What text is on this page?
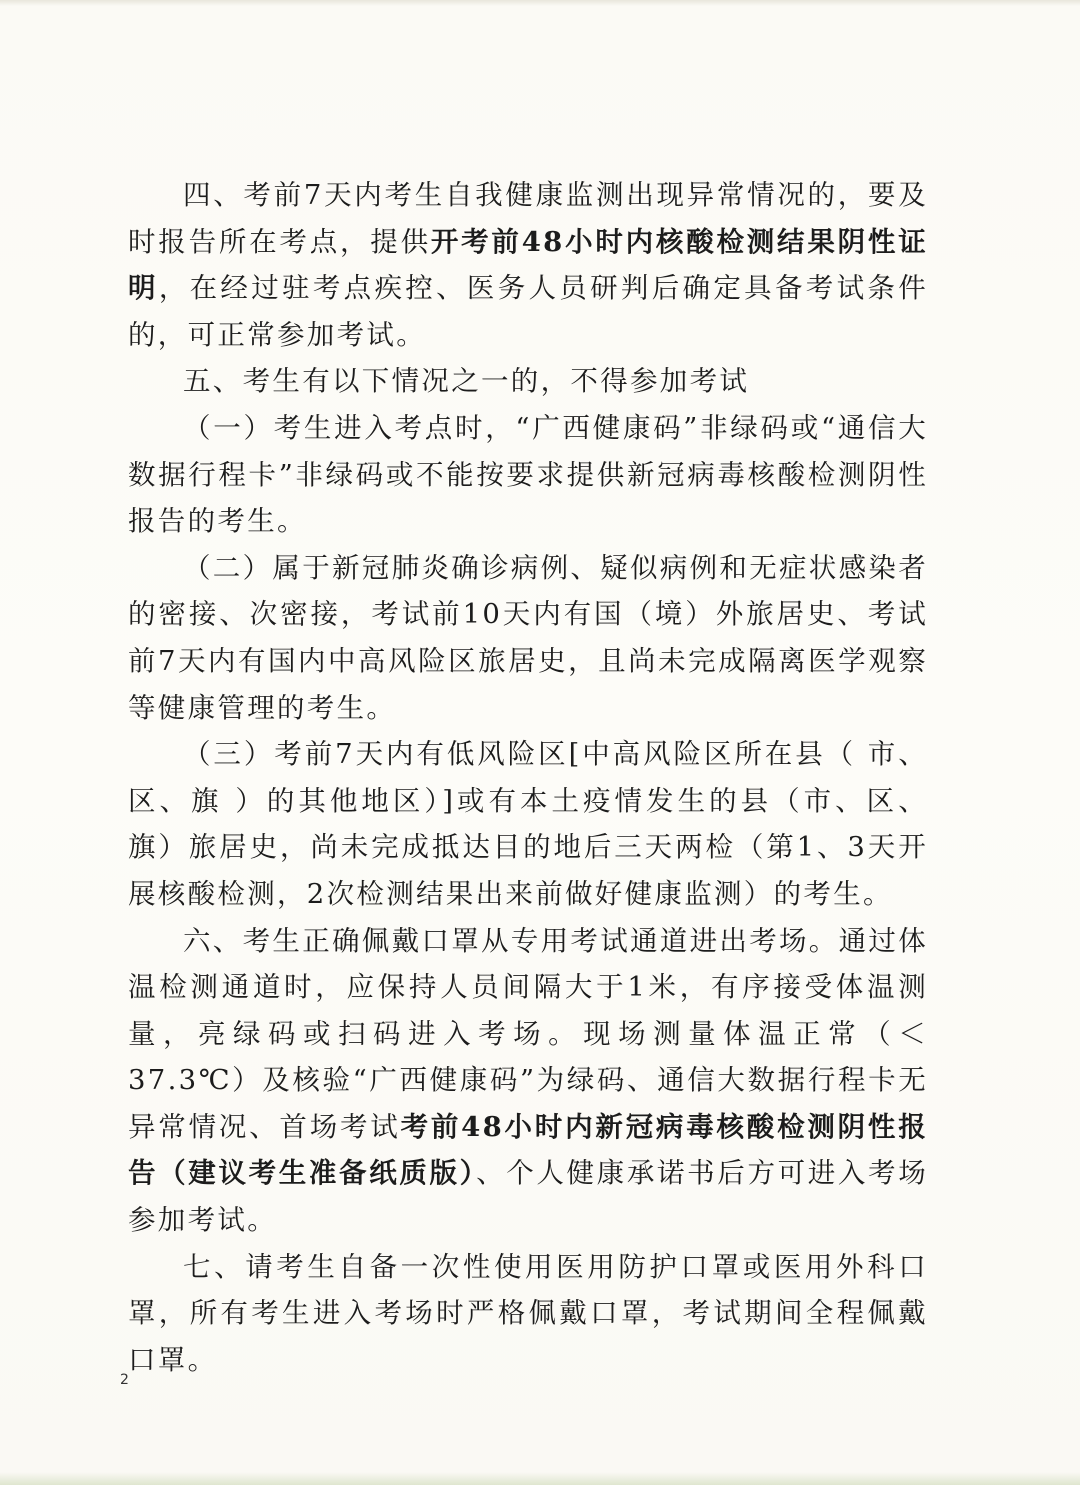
四、考前7天内考生自我健康监测出现异常情况的，要及时报告所在考点，提供开考前48小时内核酸检测结果阴性证明，在经过驻考点疾控、医务人员研判后确定具备考试条件的，可正常参加考试。

五、考生有以下情况之一的，不得参加考试

（一）考生进入考点时，“广西健康码”非绿码或“通信大数据行程卡”非绿码或不能按要求提供新冠病毒核酸检测阴性报告的考生。

（二）属于新冠肺炎确诊病例、疑似病例和无症状感染者的密接、次密接，考试前10天内有国（境）外旅居史、考试前7天内有国内中高风险区旅居史，且尚未完成隔离医学观察等健康管理的考生。

（三）考前7天内有低风险区[中高风险区所在县（ 市、区、旗 ）的其他地区）]或有本土疫情发生的县（市、区、旗）旅居史，尚未完成抵达目的地后三天两检（第1、3天开展核酸检测，2次检测结果出来前做好健康监测）的考生。

六、考生正确佩戴口罩从专用考试通道进出考场。通过体温检测通道时，应保持人员间隔大于1米，有序接受体温测量，亮绿码或扫码进入考场。现场测量体温正常（＜37.3℃）及核验“广西健康码”为绿码、通信大数据行程卡无异常情况、首场考试考前48小时内新冠病毒核酸检测阴性报告（建议考生准备纸质版）、个人健康承诺书后方可进入考场参加考试。

七、请考生自备一次性使用医用防护口罩或医用外科口罩，所有考生进入考场时严格佩戴口罩，考试期间全程佩戴口罩。

2
